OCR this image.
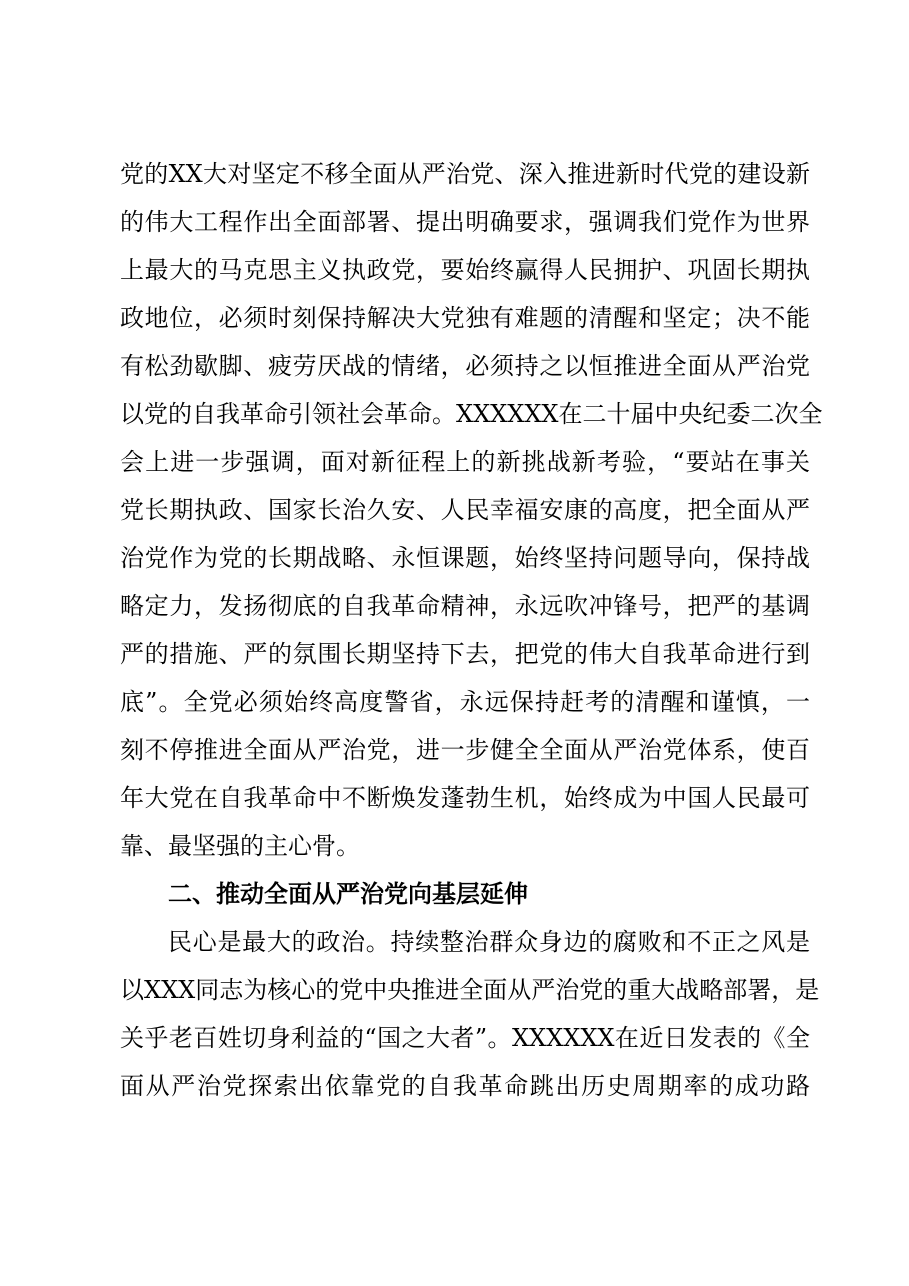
党的XX大对坚定不移全面从严治党、深入推进新时代党的建设新

的伟大工程作出全面部署、提出明确要求，强调我们党作为世界

上最大的马克思主义执政党，要始终赢得人民拥护、巩固长期执

政地位，必须时刻保持解决大党独有难题的清醒和坚定；决不能

有松劲歇脚、疲劳厌战的情绪，必须持之以恒推进全面从严治党

以党的自我革命引领社会革命。XXXXXX在二十届中央纪委二次全

会上进一步强调，面对新征程上的新挑战新考验，“要站在事关

党长期执政、国家长治久安、人民幸福安康的高度，把全面从严

治党作为党的长期战略、永恒课题，始终坚持问题导向，保持战

略定力，发扬彻底的自我革命精神，永远吹冲锋号，把严的基调

严的措施、严的氛围长期坚持下去，把党的伟大自我革命进行到

底”。全党必须始终高度警省，永远保持赶考的清醒和谨慎，一

刻不停推进全面从严治党，进一步健全全面从严治党体系，使百

年大党在自我革命中不断焕发蓬勃生机，始终成为中国人民最可

靠、最坚强的主心骨。

二、推动全面从严治党向基层延伸

民心是最大的政治。持续整治群众身边的腐败和不正之风是

以XXX同志为核心的党中央推进全面从严治党的重大战略部署，是

关乎老百姓切身利益的“国之大者”。XXXXXX在近日发表的《全

面从严治党探索出依靠党的自我革命跳出历史周期率的成功路
